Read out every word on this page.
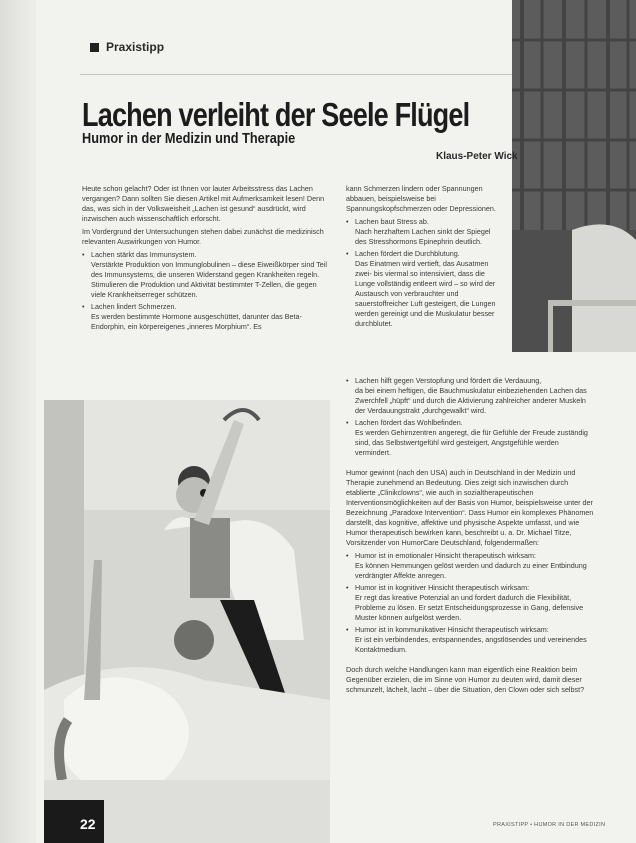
Praxistipp
Lachen verleiht der Seele Flügel
Humor in der Medizin und Therapie
Klaus-Peter Wick

Heute schon gelacht? Oder ist Ihnen vor lauter Arbeitsstress das Lachen vergangen? Dann sollten Sie diesen Artikel mit Aufmerksamkeit lesen! Denn das, was sich in der Volksweisheit „Lachen ist gesund“ ausdrückt, wird inzwischen auch wissenschaftlich erforscht.

Im Vordergrund der Untersuchungen stehen dabei zunächst die medizinisch relevanten Auswirkungen von Humor.

• Lachen stärkt das Immunsystem.
Verstärkte Produktion von Immunglobulinen – diese Eiweißkörper sind Teil des Immunsystems, die unseren Widerstand gegen Krankheiten regeln. Stimulieren die Produktion und Aktivität bestimmter T-Zellen, die gegen viele Krankheitserreger schützen.
• Lachen lindert Schmerzen.
Es werden bestimmte Hormone ausgeschüttet, darunter das Beta-Endorphin, ein körpereigenes „inneres Morphium“. Es

kann Schmerzen lindern oder Spannungen abbauen, beispielsweise bei Spannungskopfschmerzen oder Depressionen.

• Lachen baut Stress ab.
Nach herzhaftem Lachen sinkt der Spiegel des Stresshormons Epinephrin deutlich.
• Lachen fördert die Durchblutung.
Das Einatmen wird vertieft, das Ausatmen zwei- bis viermal so intensiviert, dass die Lunge vollständig entleert wird – so wird der Austausch von verbrauchter und sauerstoffreicher Luft gesteigert, die Lungen werden gereinigt und die Muskulatur besser durchblutet.
• Lachen hilft gegen Verstopfung und fördert die Verdauung,
da bei einem heftigen, die Bauchmuskulatur einbeziehenden Lachen das Zwerchfell „hüpft“ und durch die Aktivierung zahlreicher anderer Muskeln der Verdauungstrakt „durchgewalkt“ wird.
• Lachen fördert das Wohlbefinden.
Es werden Gehirnzentren angeregt, die für Gefühle der Freude zuständig sind, das Selbstwertgefühl wird gesteigert, Angstgefühle werden vermindert.

Humor gewinnt (nach den USA) auch in Deutschland in der Medizin und Therapie zunehmend an Bedeutung. Dies zeigt sich inzwischen durch etablierte „Clinikclowns“, wie auch in sozialtherapeutischen Interventionsmöglichkeiten auf der Basis von Humor, beispielsweise unter der Bezeichnung „Paradoxe Intervention“. Dass Humor ein komplexes Phänomen darstellt, das kognitive, affektive und physische Aspekte umfasst, und wie Humor therapeutisch bewirken kann, beschreibt u. a. Dr. Michael Titze, Vorsitzender von HumorCare Deutschland, folgendermaßen:

• Humor ist in emotionaler Hinsicht therapeutisch wirksam:
Es können Hemmungen gelöst werden und dadurch zu einer Entbindung verdrängter Affekte anregen.
• Humor ist in kognitiver Hinsicht therapeutisch wirksam:
Er regt das kreative Potenzial an und fordert dadurch die Flexibilität, Probleme zu lösen. Er setzt Entscheidungsprozesse in Gang, defensive Muster können aufgelöst werden.
• Humor ist in kommunikativer Hinsicht therapeutisch wirksam:
Er ist ein verbindendes, entspannendes, angstlösendes und vereinendes Kontaktmedium.

Doch durch welche Handlungen kann man eigentlich eine Reaktion beim Gegenüber erzielen, die im Sinne von Humor zu deuten wird, damit dieser schmunzelt, lächelt, lacht – über die Situation, den Clown oder sich selbst?

22	PRAXISTIPP • HUMOR IN DER MEDIZIN
